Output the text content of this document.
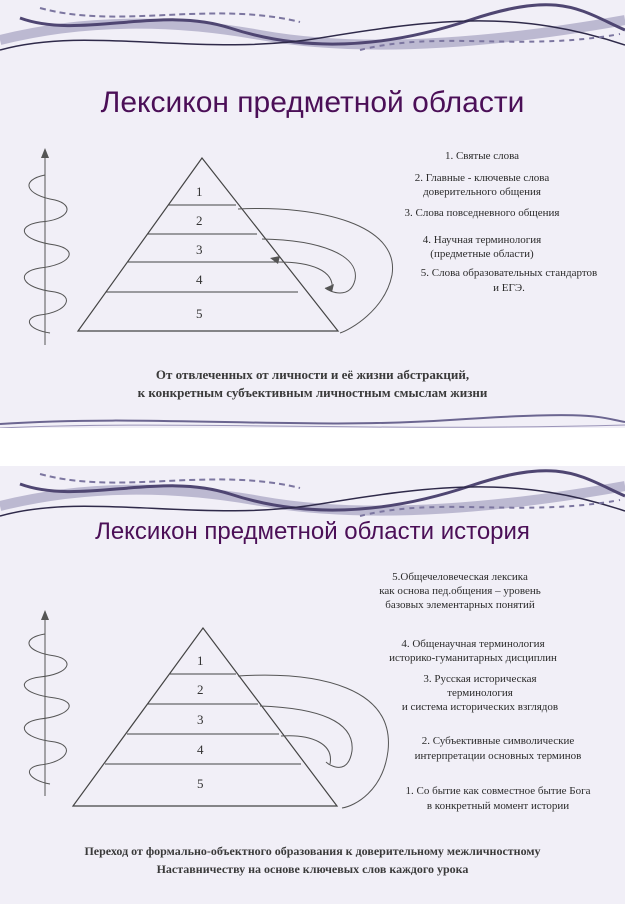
Лексикон предметной области
1
2
3
4
5
1. Святые слова
2. Главные - ключевые слова
доверительного общения
3. Слова повседневного общения
4. Научная терминология
(предметные области)
5. Слова образовательных стандартов
и ЕГЭ.
От отвлеченных от личности и её жизни абстракций,
к конкретным субъективным личностным смыслам жизни
Лексикон предметной области история
1
2
3
4
5
5.Общечеловеческая лексика
как основа пед.общения – уровень
базовых элементарных понятий
4. Общенаучная терминология
историко-гуманитарных дисциплин
3. Русская историческая
терминология
и система исторических взглядов
2. Субъективные символические
интерпретации основных терминов
1. Со бытие как совместное бытие Бога
в конкретный момент истории
Переход от формально-объектного образования к доверительному межличностному
Наставничеству на основе ключевых слов каждого урока
